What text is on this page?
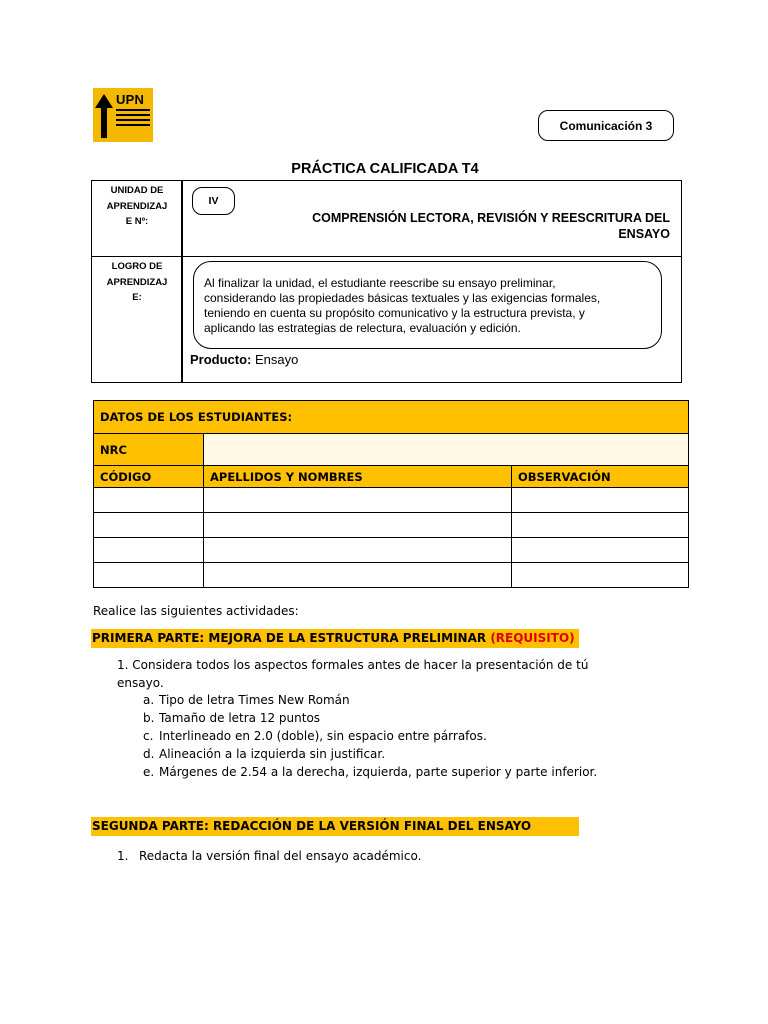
UPN
Comunicación 3
PRÁCTICA CALIFICADA T4
UNIDAD DE
APRENDIZAJ
E Nº:
IV
COMPRENSIÓN LECTORA, REVISIÓN Y REESCRITURA DEL
ENSAYO
LOGRO DE
APRENDIZAJ
E:
Al finalizar la unidad, el estudiante reescribe su ensayo preliminar,
considerando las propiedades básicas textuales y las exigencias formales,
teniendo en cuenta su propósito comunicativo y la estructura prevista, y
aplicando las estrategias de relectura, evaluación y edición.
Producto: Ensayo
DATOS DE LOS ESTUDIANTES:		
NRC		
CÓDIGO	APELLIDOS Y NOMBRES	OBSERVACIÓN

Realice las siguientes actividades:
PRIMERA PARTE: MEJORA DE LA ESTRUCTURA PRELIMINAR (REQUISITO)
1. Considera todos los aspectos formales antes de hacer la presentación de tú
ensayo.
a. Tipo de letra Times New Román
b. Tamaño de letra 12 puntos
c. Interlineado en 2.0 (doble), sin espacio entre párrafos.
d. Alineación a la izquierda sin justificar.
e. Márgenes de 2.54 a la derecha, izquierda, parte superior y parte inferior.
SEGUNDA PARTE: REDACCIÓN DE LA VERSIÓN FINAL DEL ENSAYO
1. Redacta la versión final del ensayo académico.
